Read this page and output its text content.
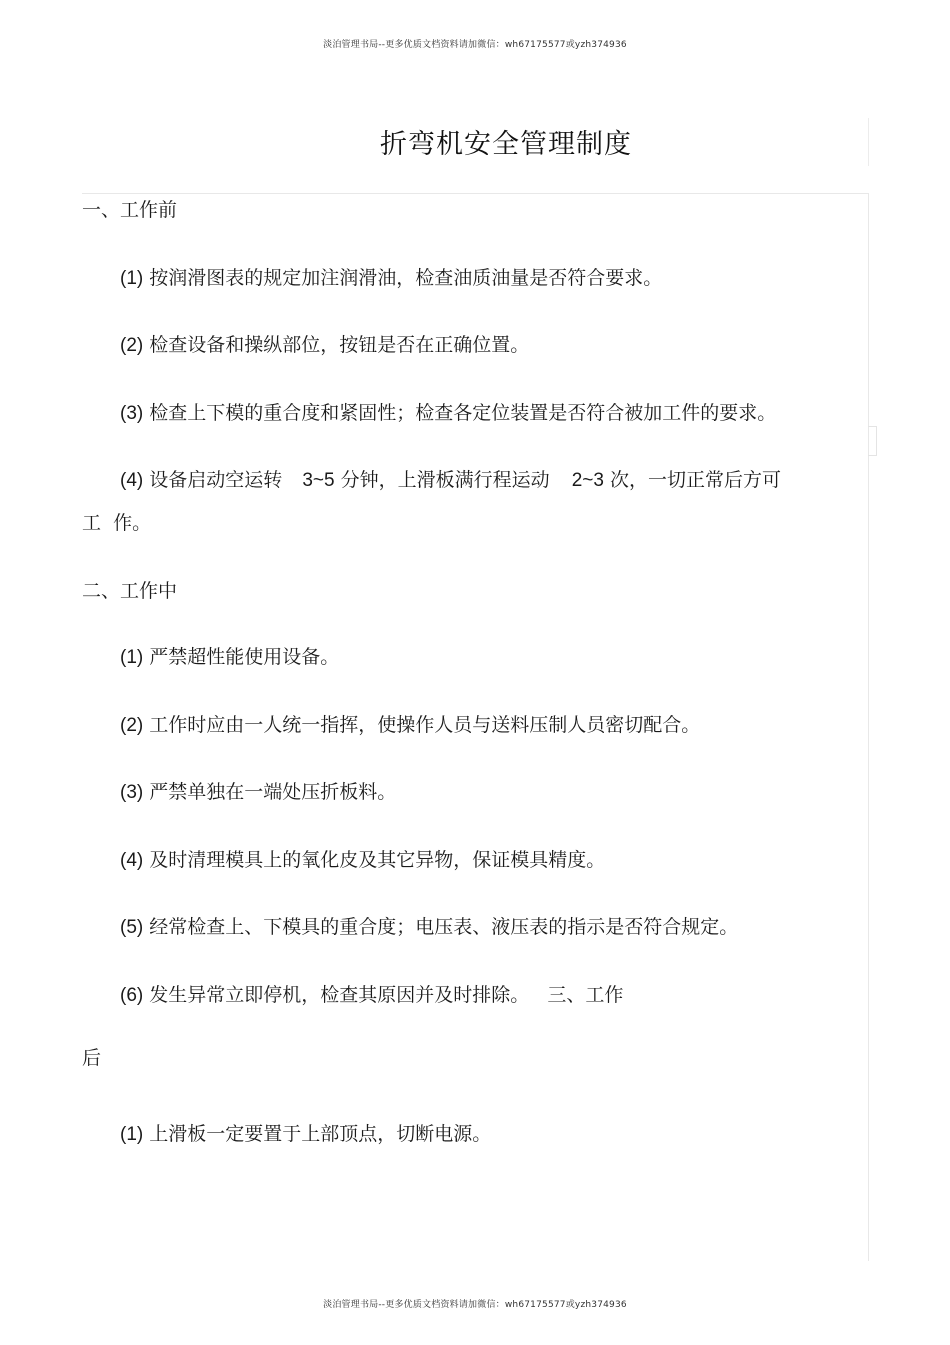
淡泊管理书局--更多优质文档资料请加微信：wh67175577或yzh374936
折弯机安全管理制度
一、工作前
(1) 按润滑图表的规定加注润滑油，检查油质油量是否符合要求。
(2) 检查设备和操纵部位，按钮是否在正确位置。
(3) 检查上下模的重合度和紧固性；检查各定位装置是否符合被加工件的要求。
(4) 设备启动空运转 3~5 分钟，上滑板满行程运动 2~3 次，一切正常后方可
工  作。
二、工作中
(1) 严禁超性能使用设备。
(2) 工作时应由一人统一指挥，使操作人员与送料压制人员密切配合。
(3) 严禁单独在一端处压折板料。
(4) 及时清理模具上的氧化皮及其它异物，保证模具精度。
(5) 经常检查上、下模具的重合度；电压表、液压表的指示是否符合规定。
(6) 发生异常立即停机，检查其原因并及时排除。 三、工作
后
(1) 上滑板一定要置于上部顶点，切断电源。
淡泊管理书局--更多优质文档资料请加微信：wh67175577或yzh374936
